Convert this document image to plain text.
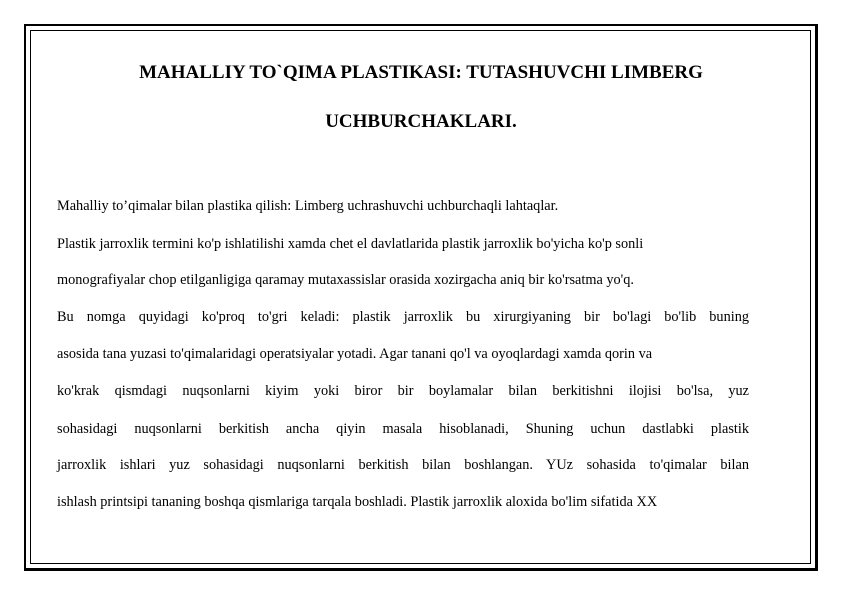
MAHALLIY TO`QIMA PLASTIKASI: TUTASHUVCHI LIMBERG
UCHBURCHAKLARI.

Mahalliy to’qimalar bilan plastika qilish: Limberg uchrashuvchi uchburchaqli lahtaqlar.

Plastik jarroxlik termini ko'p ishlatilishi xamda chet el davlatlarida plastik jarroxlik bo'yicha ko'p sonli

monografiyalar chop etilganligiga qaramay mutaxassislar orasida xozirgacha aniq bir ko'rsatma yo'q.

Bu nomga quyidagi ko'proq to'gri keladi: plastik jarroxlik bu xirurgiyaning bir bo'lagi bo'lib buning

asosida tana yuzasi to'qimalaridagi operatsiyalar yotadi. Agar tanani qo'l va oyoqlardagi xamda qorin va

ko'krak qismdagi nuqsonlarni kiyim yoki biror bir boylamalar bilan berkitishni ilojisi bo'lsa, yuz

sohasidagi nuqsonlarni berkitish ancha qiyin masala hisoblanadi, Shuning uchun dastlabki plastik

jarroxlik ishlari yuz sohasidagi nuqsonlarni berkitish bilan boshlangan. YUz sohasida to'qimalar bilan

ishlash printsipi tananing boshqa qismlariga tarqala boshladi. Plastik jarroxlik aloxida bo'lim sifatida XX
